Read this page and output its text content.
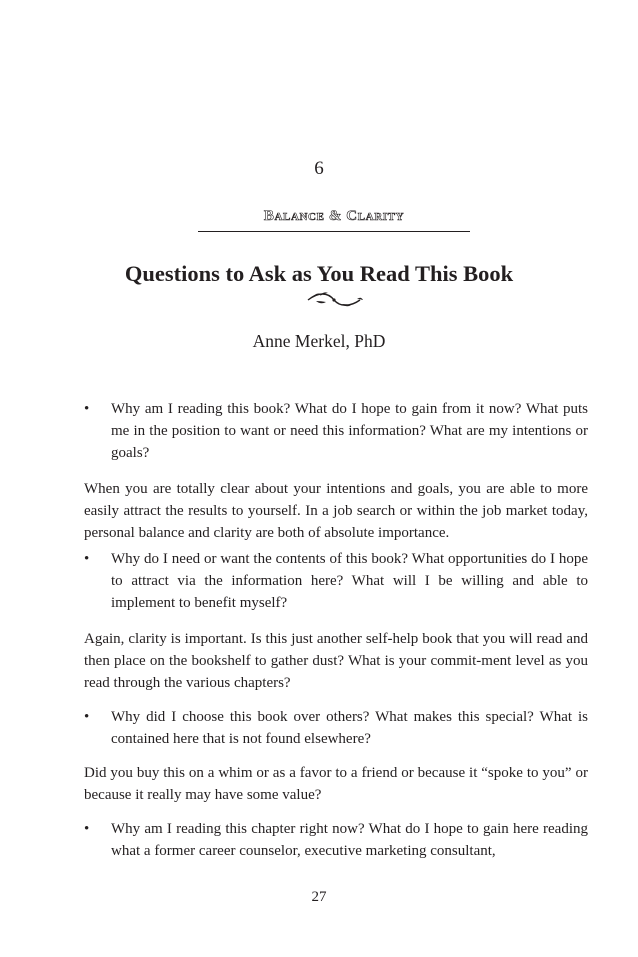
6
Balance & Clarity
Questions to Ask as You Read This Book
Anne Merkel, PhD
•	Why am I reading this book? What do I hope to gain from it now? What puts me in the position to want or need this information? What are my intentions or goals?
When you are totally clear about your intentions and goals, you are able to more easily attract the results to yourself. In a job search or within the job market today, personal balance and clarity are both of absolute importance.
•	Why do I need or want the contents of this book? What opportunities do I hope to attract via the information here? What will I be willing and able to implement to benefit myself?
Again, clarity is important. Is this just another self-help book that you will read and then place on the bookshelf to gather dust? What is your commit-ment level as you read through the various chapters?
•	Why did I choose this book over others? What makes this special? What is contained here that is not found elsewhere?
Did you buy this on a whim or as a favor to a friend or because it “spoke to you” or because it really may have some value?
•	Why am I reading this chapter right now? What do I hope to gain here reading what a former career counselor, executive marketing consultant,
27
